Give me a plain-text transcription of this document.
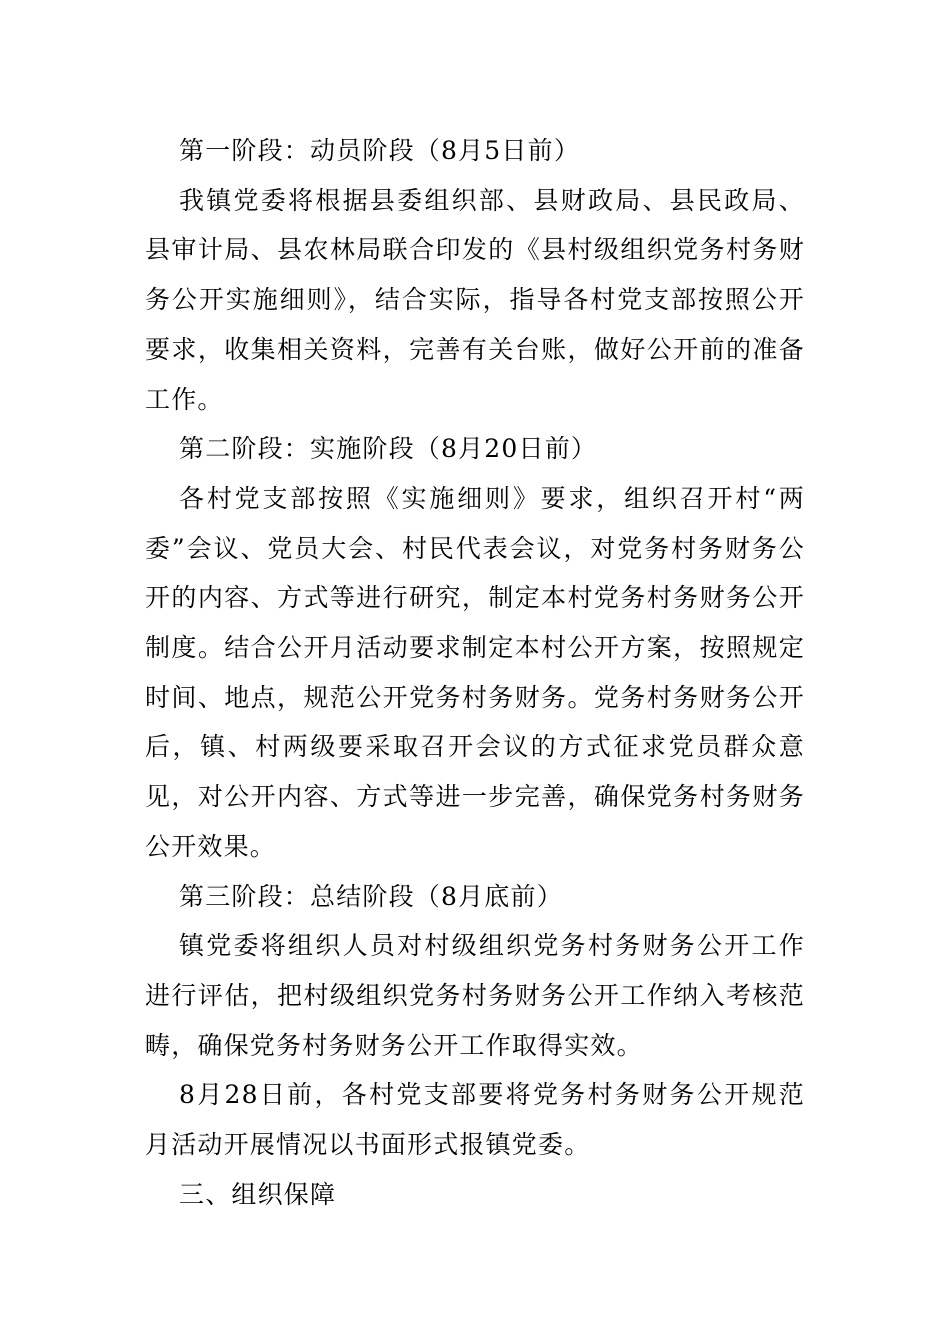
第一阶段：动员阶段（8月5日前）

我镇党委将根据县委组织部、县财政局、县民政局、县审计局、县农林局联合印发的《县村级组织党务村务财务公开实施细则》，结合实际，指导各村党支部按照公开要求，收集相关资料，完善有关台账，做好公开前的准备工作。

第二阶段：实施阶段（8月20日前）

各村党支部按照《实施细则》要求，组织召开村“两委”会议、党员大会、村民代表会议，对党务村务财务公开的内容、方式等进行研究，制定本村党务村务财务公开制度。结合公开月活动要求制定本村公开方案，按照规定时间、地点，规范公开党务村务财务。党务村务财务公开后，镇、村两级要采取召开会议的方式征求党员群众意见，对公开内容、方式等进一步完善，确保党务村务财务公开效果。

第三阶段：总结阶段（8月底前）

镇党委将组织人员对村级组织党务村务财务公开工作进行评估，把村级组织党务村务财务公开工作纳入考核范畴，确保党务村务财务公开工作取得实效。

8月28日前，各村党支部要将党务村务财务公开规范月活动开展情况以书面形式报镇党委。

三、组织保障
